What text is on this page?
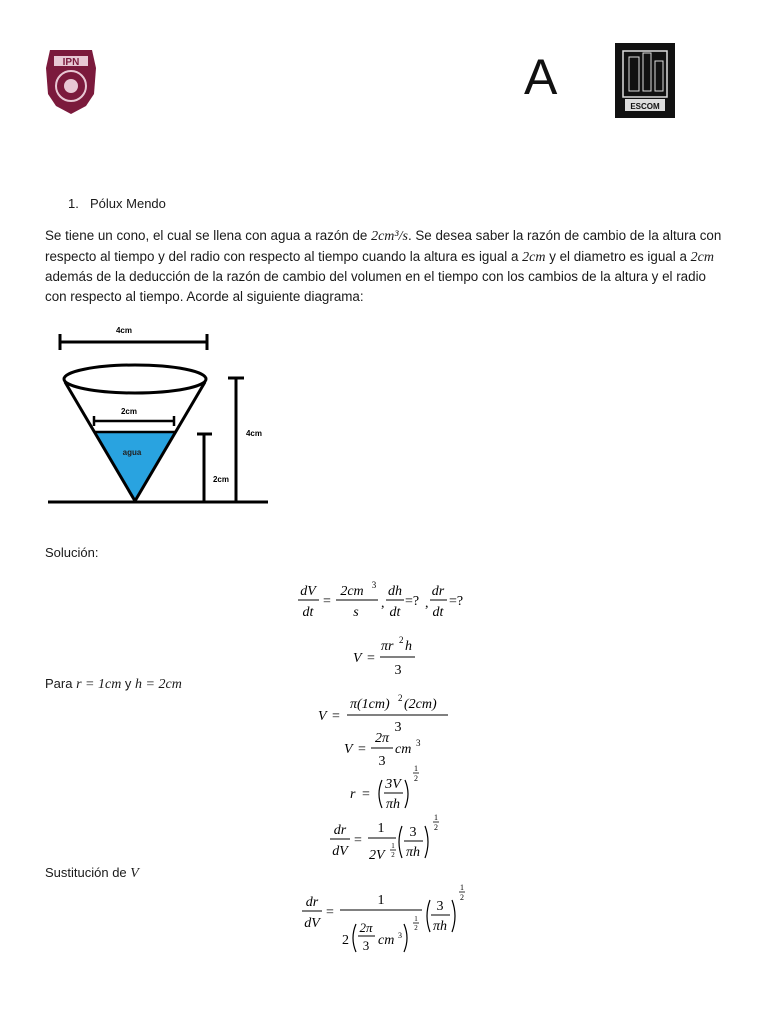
IPN	A
ESCOM
1. Pólux Mendo
Se tiene un cono, el cual se llena con agua a razón de 2cm³/s. Se desea saber la razón de cambio de la altura con respecto al tiempo y del radio con respecto al tiempo cuando la altura es igual a 2cm y el diametro es igual a 2cm además de la deducción de la razón de cambio del volumen en el tiempo con los cambios de la altura y el radio con respecto al tiempo. Acorde al siguiente diagrama:
4cm
agua
2cm
4cm
2cm
Solución:
dV
dt
=
2cm 3
s
,
dh
dt
=? ,
dr
dt
=?
V =
πr 2 h
3
Para r = 1cm y h = 2cm
V =
π(1cm) 2 (2cm)
3
V =
2π
3
cm 3
r =
3V
πh
1
2
dr
dV
=
1
2V
1
2
3
πh
1
2
Sustitución de V
dr
dV
=
1
2
2π
3 cm 3
1
2
3
πh
1
2
